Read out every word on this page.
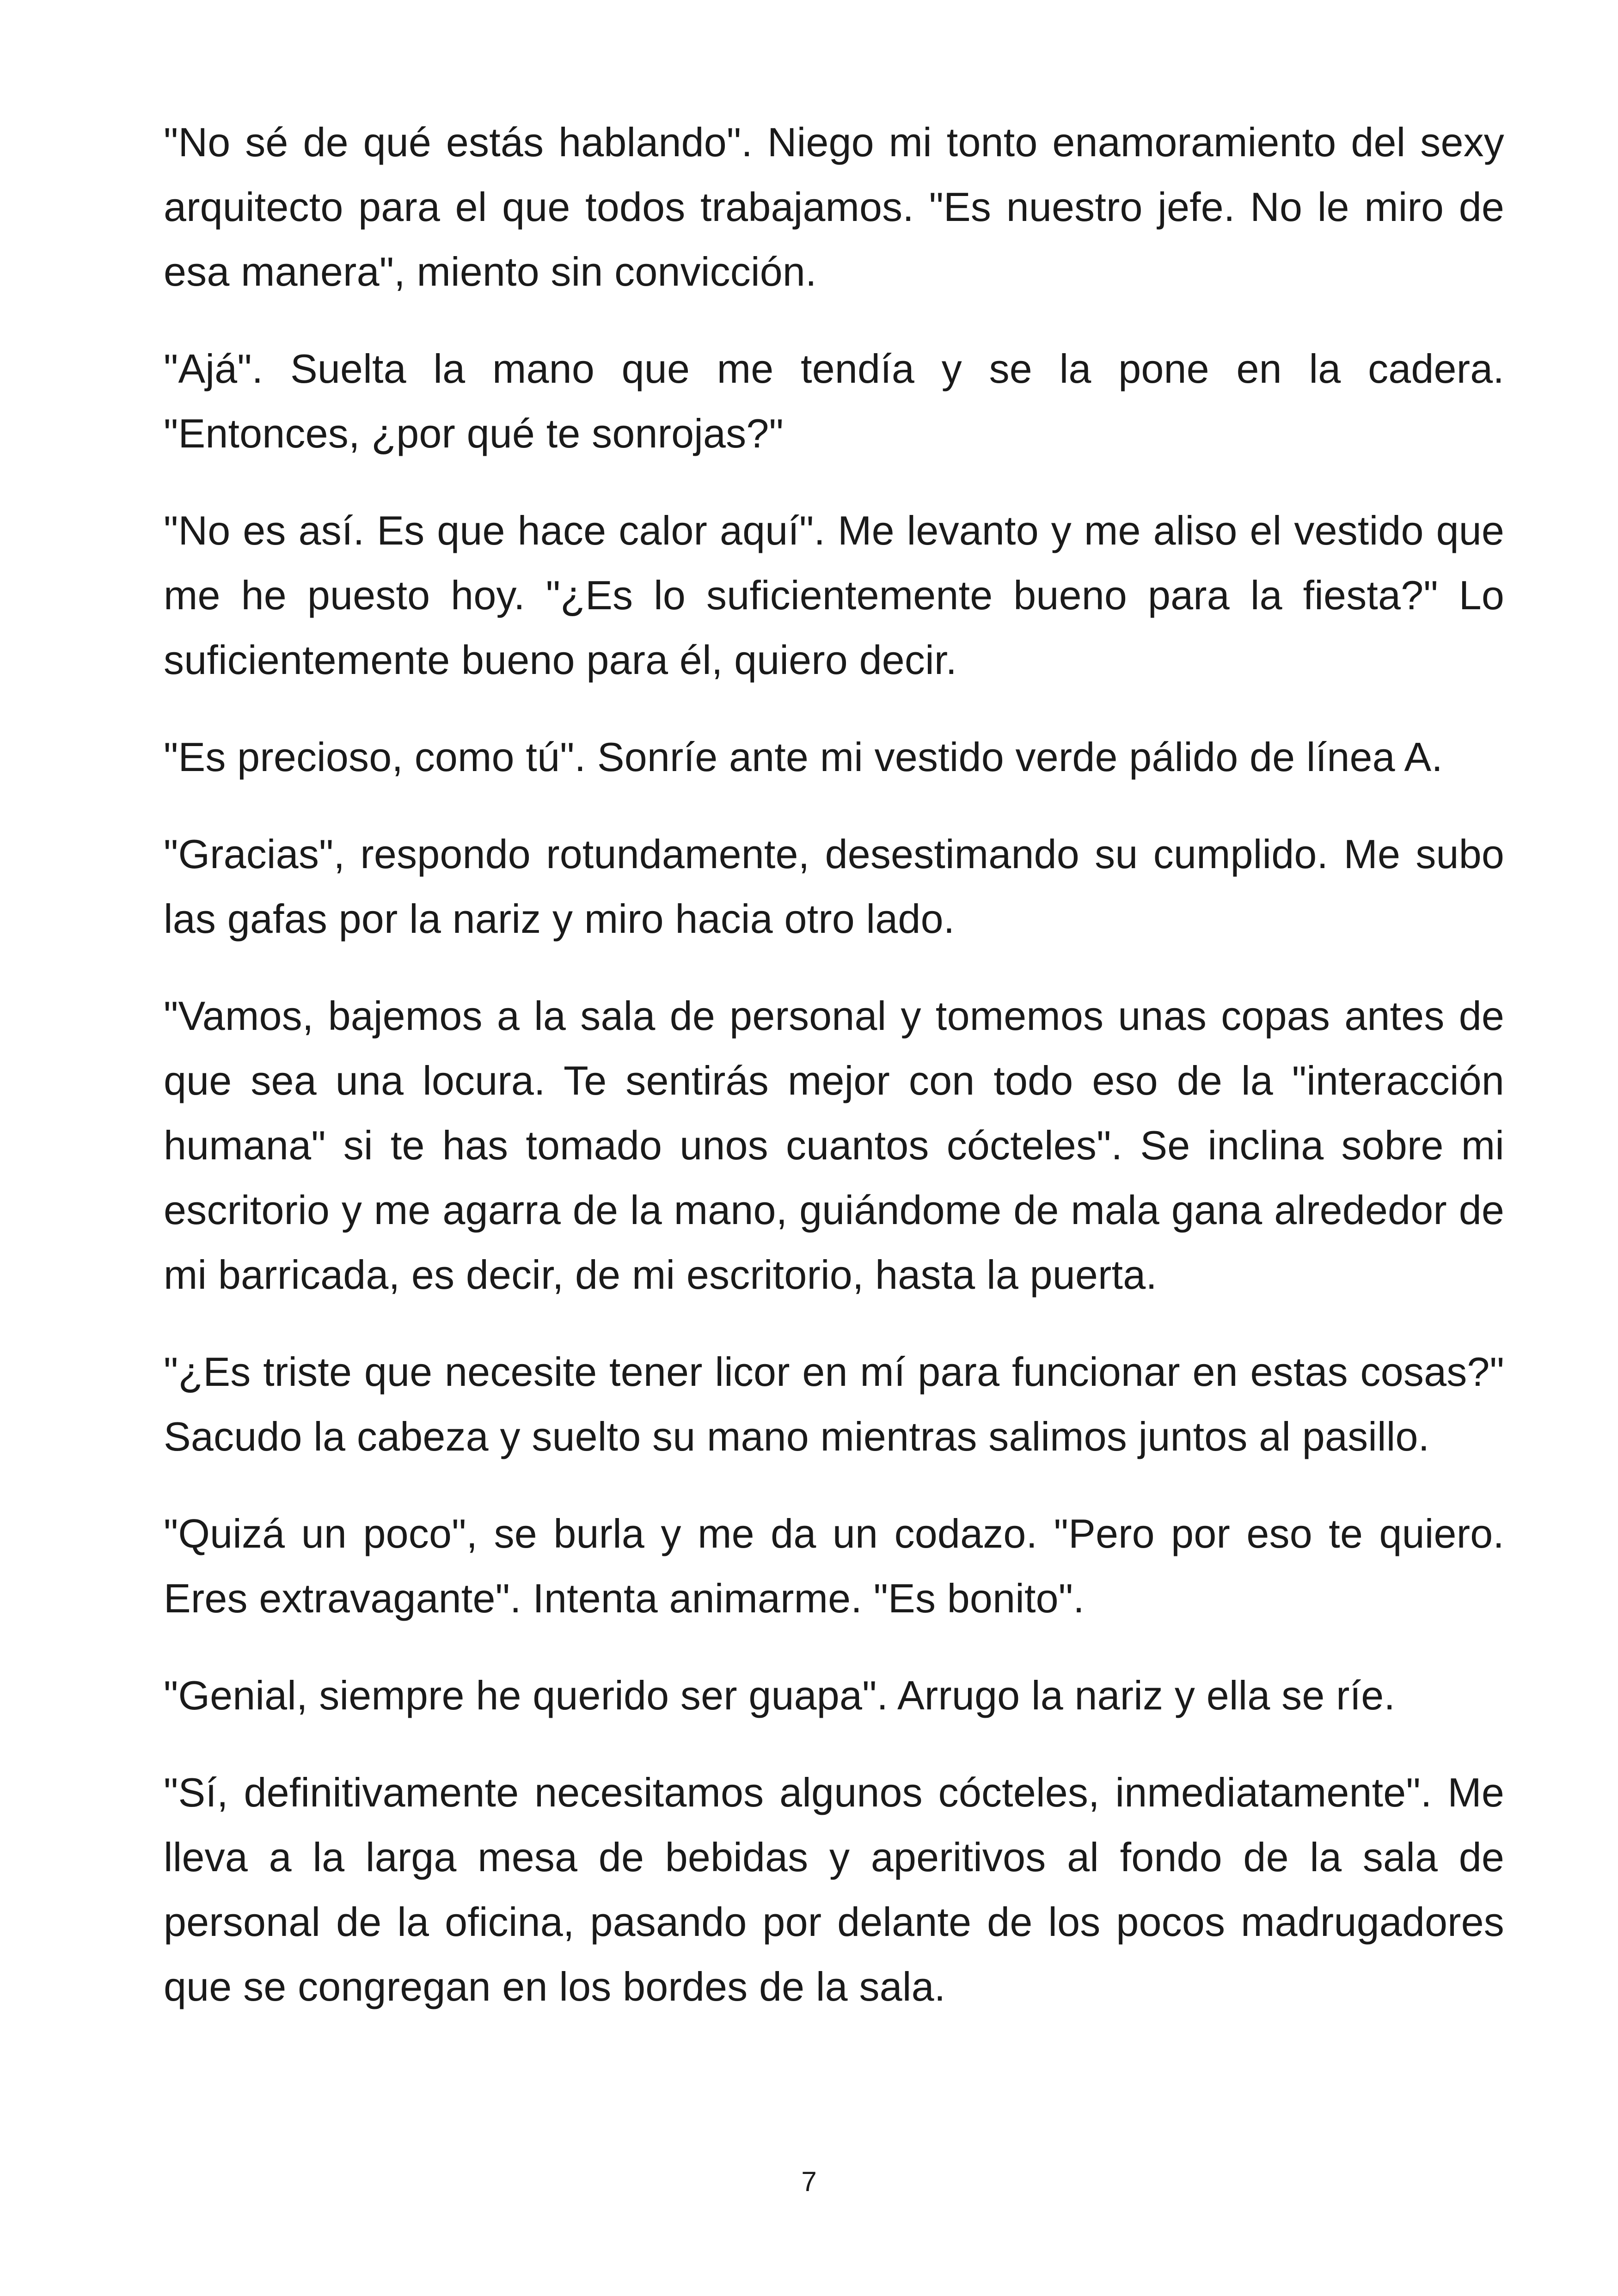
"No sé de qué estás hablando". Niego mi tonto enamoramiento del sexy arquitecto para el que todos trabajamos. "Es nuestro jefe. No le miro de esa manera", miento sin convicción.

"Ajá". Suelta la mano que me tendía y se la pone en la cadera. "Entonces, ¿por qué te sonrojas?"

"No es así. Es que hace calor aquí". Me levanto y me aliso el vestido que me he puesto hoy. "¿Es lo suficientemente bueno para la fiesta?" Lo suficientemente bueno para él, quiero decir.

"Es precioso, como tú". Sonríe ante mi vestido verde pálido de línea A.

"Gracias", respondo rotundamente, desestimando su cumplido. Me subo las gafas por la nariz y miro hacia otro lado.

"Vamos, bajemos a la sala de personal y tomemos unas copas antes de que sea una locura. Te sentirás mejor con todo eso de la "interacción humana" si te has tomado unos cuantos cócteles". Se inclina sobre mi escritorio y me agarra de la mano, guiándome de mala gana alrededor de mi barricada, es decir, de mi escritorio, hasta la puerta.

"¿Es triste que necesite tener licor en mí para funcionar en estas cosas?" Sacudo la cabeza y suelto su mano mientras salimos juntos al pasillo.

"Quizá un poco", se burla y me da un codazo. "Pero por eso te quiero. Eres extravagante". Intenta animarme. "Es bonito".

"Genial, siempre he querido ser guapa". Arrugo la nariz y ella se ríe.

"Sí, definitivamente necesitamos algunos cócteles, inmediatamente". Me lleva a la larga mesa de bebidas y aperitivos al fondo de la sala de personal de la oficina, pasando por delante de los pocos madrugadores que se congregan en los bordes de la sala.

7
